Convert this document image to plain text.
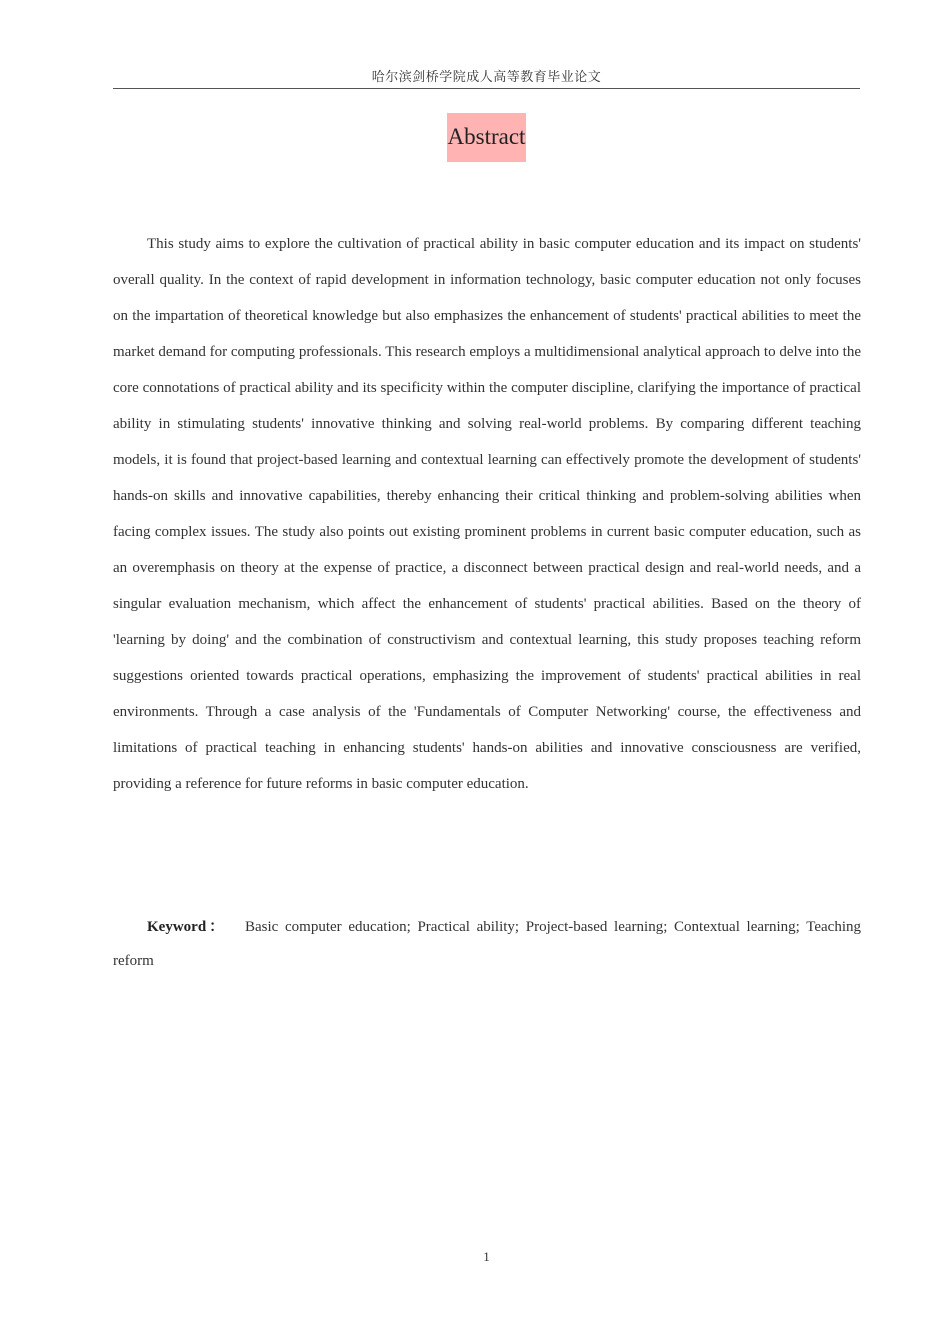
哈尔滨剑桥学院成人高等教育毕业论文
Abstract

This study aims to explore the cultivation of practical ability in basic computer education and its impact on students' overall quality. In the context of rapid development in information technology, basic computer education not only focuses on the impartation of theoretical knowledge but also emphasizes the enhancement of students' practical abilities to meet the market demand for computing professionals. This research employs a multidimensional analytical approach to delve into the core connotations of practical ability and its specificity within the computer discipline, clarifying the importance of practical ability in stimulating students' innovative thinking and solving real-world problems. By comparing different teaching models, it is found that project-based learning and contextual learning can effectively promote the development of students' hands-on skills and innovative capabilities, thereby enhancing their critical thinking and problem-solving abilities when facing complex issues. The study also points out existing prominent problems in current basic computer education, such as an overemphasis on theory at the expense of practice, a disconnect between practical design and real-world needs, and a singular evaluation mechanism, which affect the enhancement of students' practical abilities. Based on the theory of 'learning by doing' and the combination of constructivism and contextual learning, this study proposes teaching reform suggestions oriented towards practical operations, emphasizing the improvement of students' practical abilities in real environments. Through a case analysis of the 'Fundamentals of Computer Networking' course, the effectiveness and limitations of practical teaching in enhancing students' hands-on abilities and innovative consciousness are verified, providing a reference for future reforms in basic computer education.

Keyword： Basic computer education; Practical ability; Project-based learning; Contextual learning; Teaching reform

1
